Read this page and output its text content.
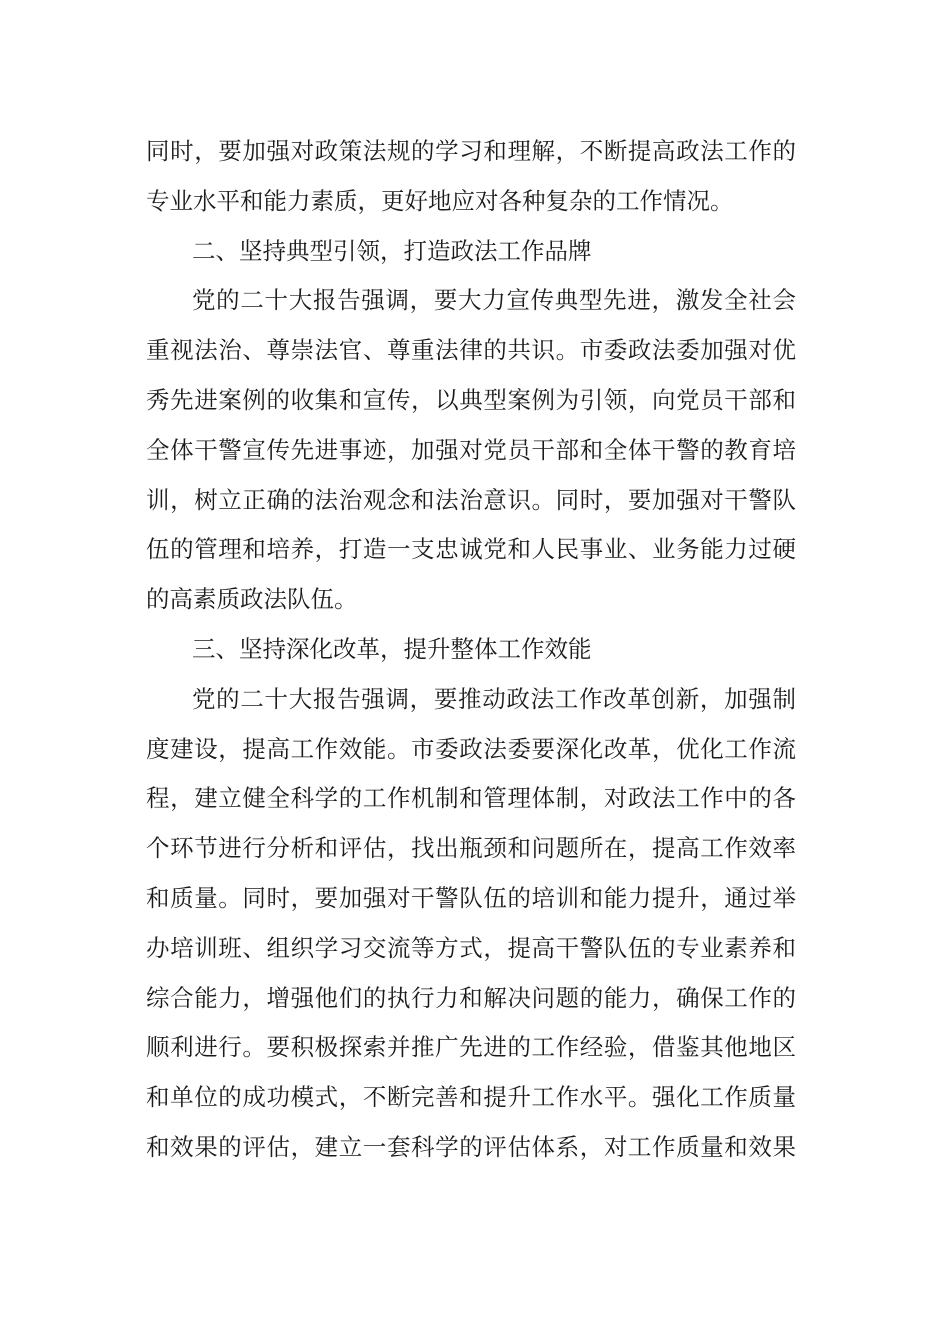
同时，要加强对政策法规的学习和理解，不断提高政法工作的
专业水平和能力素质，更好地应对各种复杂的工作情况。
二、坚持典型引领，打造政法工作品牌
党的二十大报告强调，要大力宣传典型先进，激发全社会
重视法治、尊崇法官、尊重法律的共识。市委政法委加强对优
秀先进案例的收集和宣传，以典型案例为引领，向党员干部和
全体干警宣传先进事迹，加强对党员干部和全体干警的教育培
训，树立正确的法治观念和法治意识。同时，要加强对干警队
伍的管理和培养，打造一支忠诚党和人民事业、业务能力过硬
的高素质政法队伍。
三、坚持深化改革，提升整体工作效能
党的二十大报告强调，要推动政法工作改革创新，加强制
度建设，提高工作效能。市委政法委要深化改革，优化工作流
程，建立健全科学的工作机制和管理体制，对政法工作中的各
个环节进行分析和评估，找出瓶颈和问题所在，提高工作效率
和质量。同时，要加强对干警队伍的培训和能力提升，通过举
办培训班、组织学习交流等方式，提高干警队伍的专业素养和
综合能力，增强他们的执行力和解决问题的能力，确保工作的
顺利进行。要积极探索并推广先进的工作经验，借鉴其他地区
和单位的成功模式，不断完善和提升工作水平。强化工作质量
和效果的评估，建立一套科学的评估体系，对工作质量和效果
